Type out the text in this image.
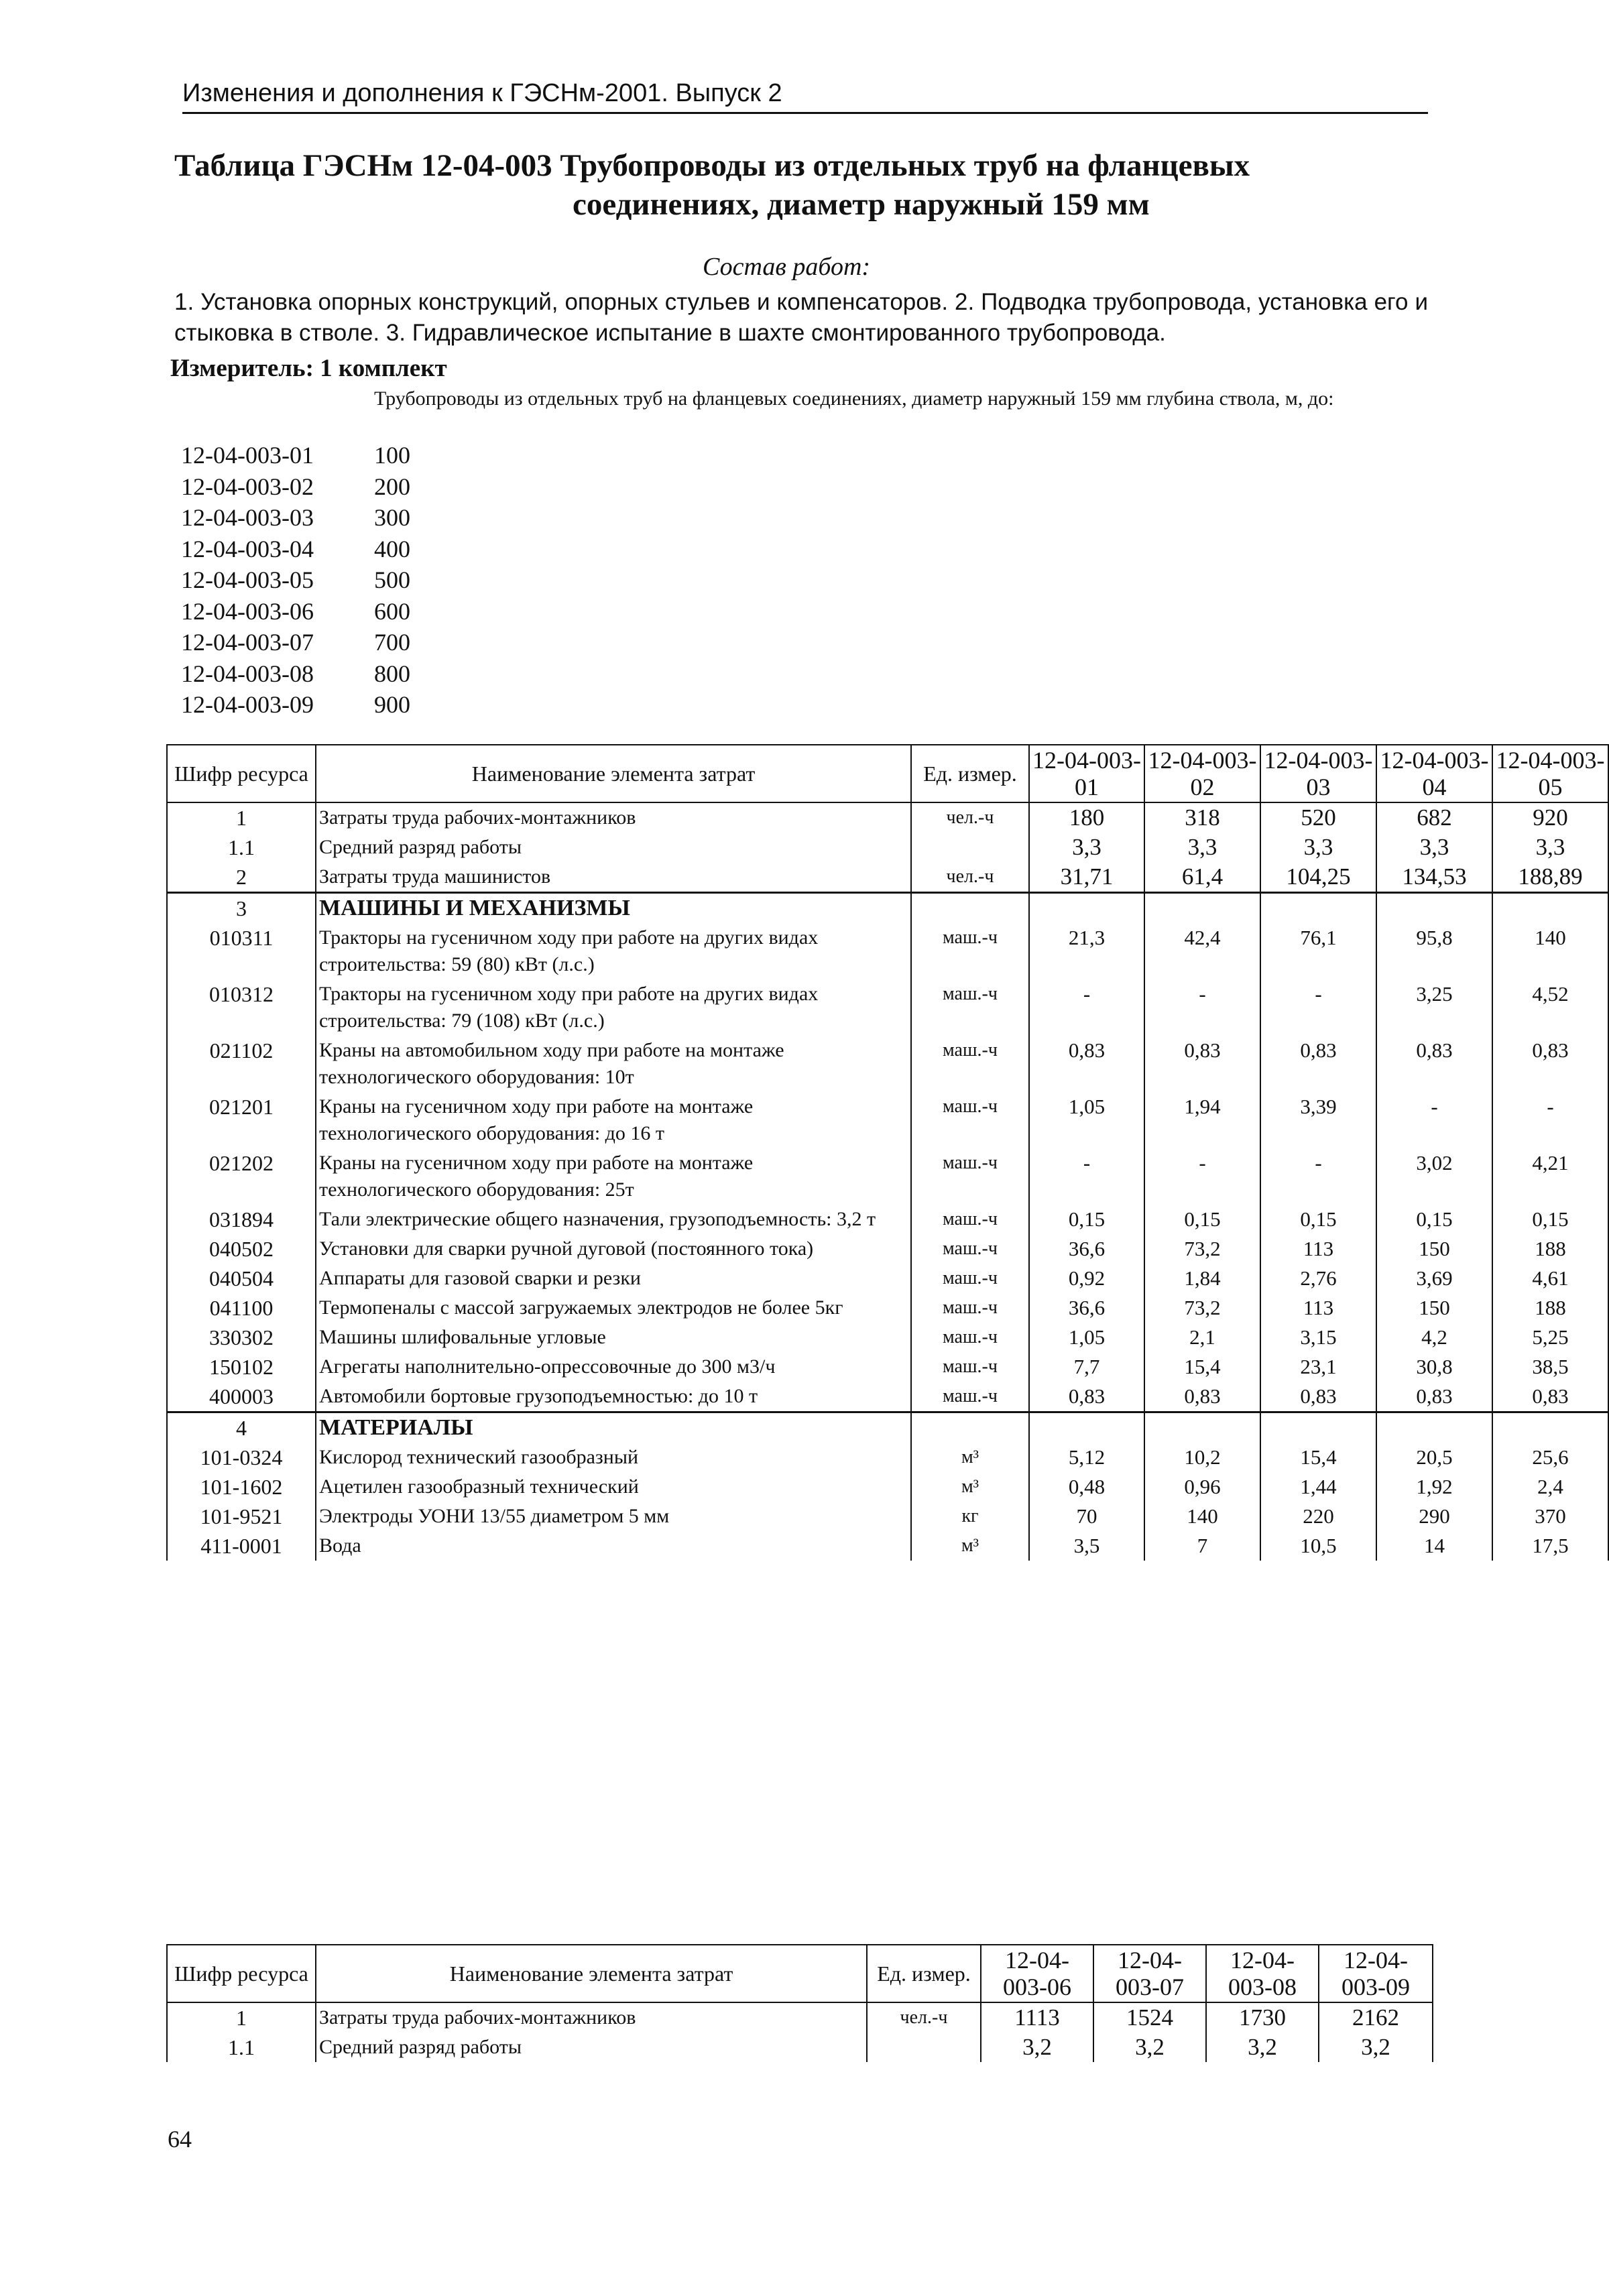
Изменения и дополнения к ГЭСНм-2001. Выпуск 2
Таблица ГЭСНм 12-04-003 Трубопроводы из отдельных труб на фланцевых
соединениях, диаметр наружный 159 мм
Состав работ:
1. Установка опорных конструкций, опорных стульев и компенсаторов. 2. Подводка трубопровода, установка его и стыковка в стволе. 3. Гидравлическое испытание в шахте смонтированного трубопровода.
Измеритель: 1 комплект
Трубопроводы из отдельных труб на фланцевых соединениях, диаметр наружный 159 мм глубина ствола, м, до:
12-04-003-01	100
12-04-003-02	200
12-04-003-03	300
12-04-003-04	400
12-04-003-05	500
12-04-003-06	600
12-04-003-07	700
12-04-003-08	800
12-04-003-09	900
Шифр ресурса	Наименование элемента затрат	Ед. измер.	12-04-003-01	12-04-003-02	12-04-003-03	12-04-003-04	12-04-003-05
1	Затраты труда рабочих-монтажников	чел.-ч	180	318	520	682	920
1.1	Средний разряд работы		3,3	3,3	3,3	3,3	3,3
2	Затраты труда машинистов	чел.-ч	31,71	61,4	104,25	134,53	188,89
3	МАШИНЫ И МЕХАНИЗМЫ						
010311	Тракторы на гусеничном ходу при работе на других видах строительства: 59 (80) кВт (л.с.)	маш.-ч	21,3	42,4	76,1	95,8	140
010312	Тракторы на гусеничном ходу при работе на других видах строительства: 79 (108) кВт (л.с.)	маш.-ч	-	-	-	3,25	4,52
021102	Краны на автомобильном ходу при работе на монтаже технологического оборудования: 10т	маш.-ч	0,83	0,83	0,83	0,83	0,83
021201	Краны на гусеничном ходу при работе на монтаже технологического оборудования: до 16 т	маш.-ч	1,05	1,94	3,39	-	-
021202	Краны на гусеничном ходу при работе на монтаже технологического оборудования: 25т	маш.-ч	-	-	-	3,02	4,21
031894	Тали электрические общего назначения, грузоподъемность: 3,2 т	маш.-ч	0,15	0,15	0,15	0,15	0,15
040502	Установки для сварки ручной дуговой (постоянного тока)	маш.-ч	36,6	73,2	113	150	188
040504	Аппараты для газовой сварки и резки	маш.-ч	0,92	1,84	2,76	3,69	4,61
041100	Термопеналы с массой загружаемых электродов не более 5кг	маш.-ч	36,6	73,2	113	150	188
330302	Машины шлифовальные угловые	маш.-ч	1,05	2,1	3,15	4,2	5,25
150102	Агрегаты наполнительно-опрессовочные до 300 м3/ч	маш.-ч	7,7	15,4	23,1	30,8	38,5
400003	Автомобили бортовые грузоподъемностью: до 10 т	маш.-ч	0,83	0,83	0,83	0,83	0,83
4	МАТЕРИАЛЫ						
101-0324	Кислород технический газообразный	м³	5,12	10,2	15,4	20,5	25,6
101-1602	Ацетилен газообразный технический	м³	0,48	0,96	1,44	1,92	2,4
101-9521	Электроды УОНИ 13/55 диаметром 5 мм	кг	70	140	220	290	370
411-0001	Вода	м³	3,5	7	10,5	14	17,5
Шифр ресурса	Наименование элемента затрат	Ед. измер.	12-04-003-06	12-04-003-07	12-04-003-08	12-04-003-09
1	Затраты труда рабочих-монтажников	чел.-ч	1113	1524	1730	2162
1.1	Средний разряд работы		3,2	3,2	3,2	3,2
64
